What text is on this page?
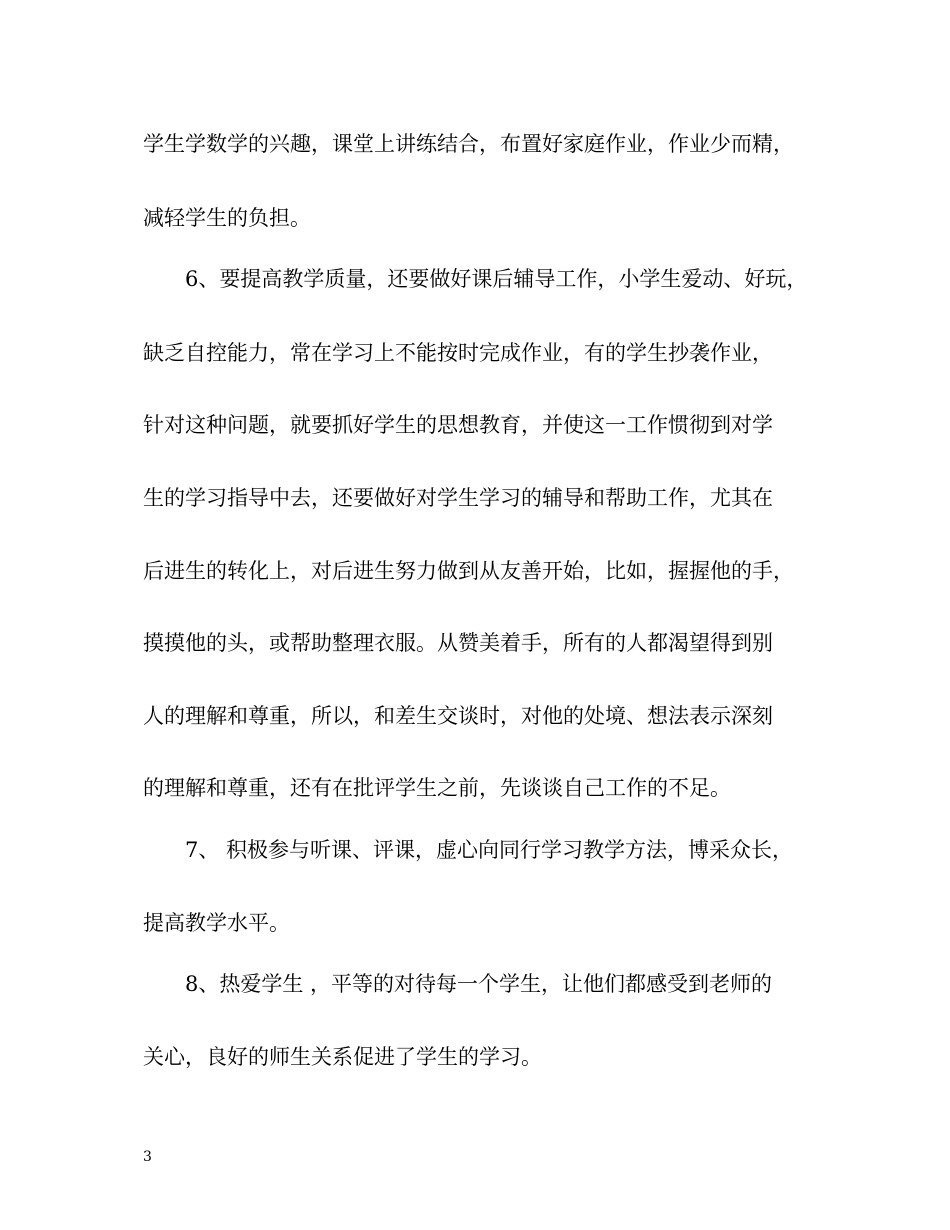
学生学数学的兴趣，课堂上讲练结合，布置好家庭作业，作业少而精，
减轻学生的负担。
6、要提高教学质量，还要做好课后辅导工作，小学生爱动、好玩，
缺乏自控能力，常在学习上不能按时完成作业，有的学生抄袭作业，
针对这种问题，就要抓好学生的思想教育，并使这一工作惯彻到对学
生的学习指导中去，还要做好对学生学习的辅导和帮助工作，尤其在
后进生的转化上，对后进生努力做到从友善开始，比如，握握他的手，
摸摸他的头，或帮助整理衣服。从赞美着手，所有的人都渴望得到别
人的理解和尊重，所以，和差生交谈时，对他的处境、想法表示深刻
的理解和尊重，还有在批评学生之前，先谈谈自己工作的不足。
7、 积极参与听课、评课，虚心向同行学习教学方法，博采众长，
提高教学水平。
8、热爱学生 ，平等的对待每一个学生，让他们都感受到老师的
关心，良好的师生关系促进了学生的学习。
3
